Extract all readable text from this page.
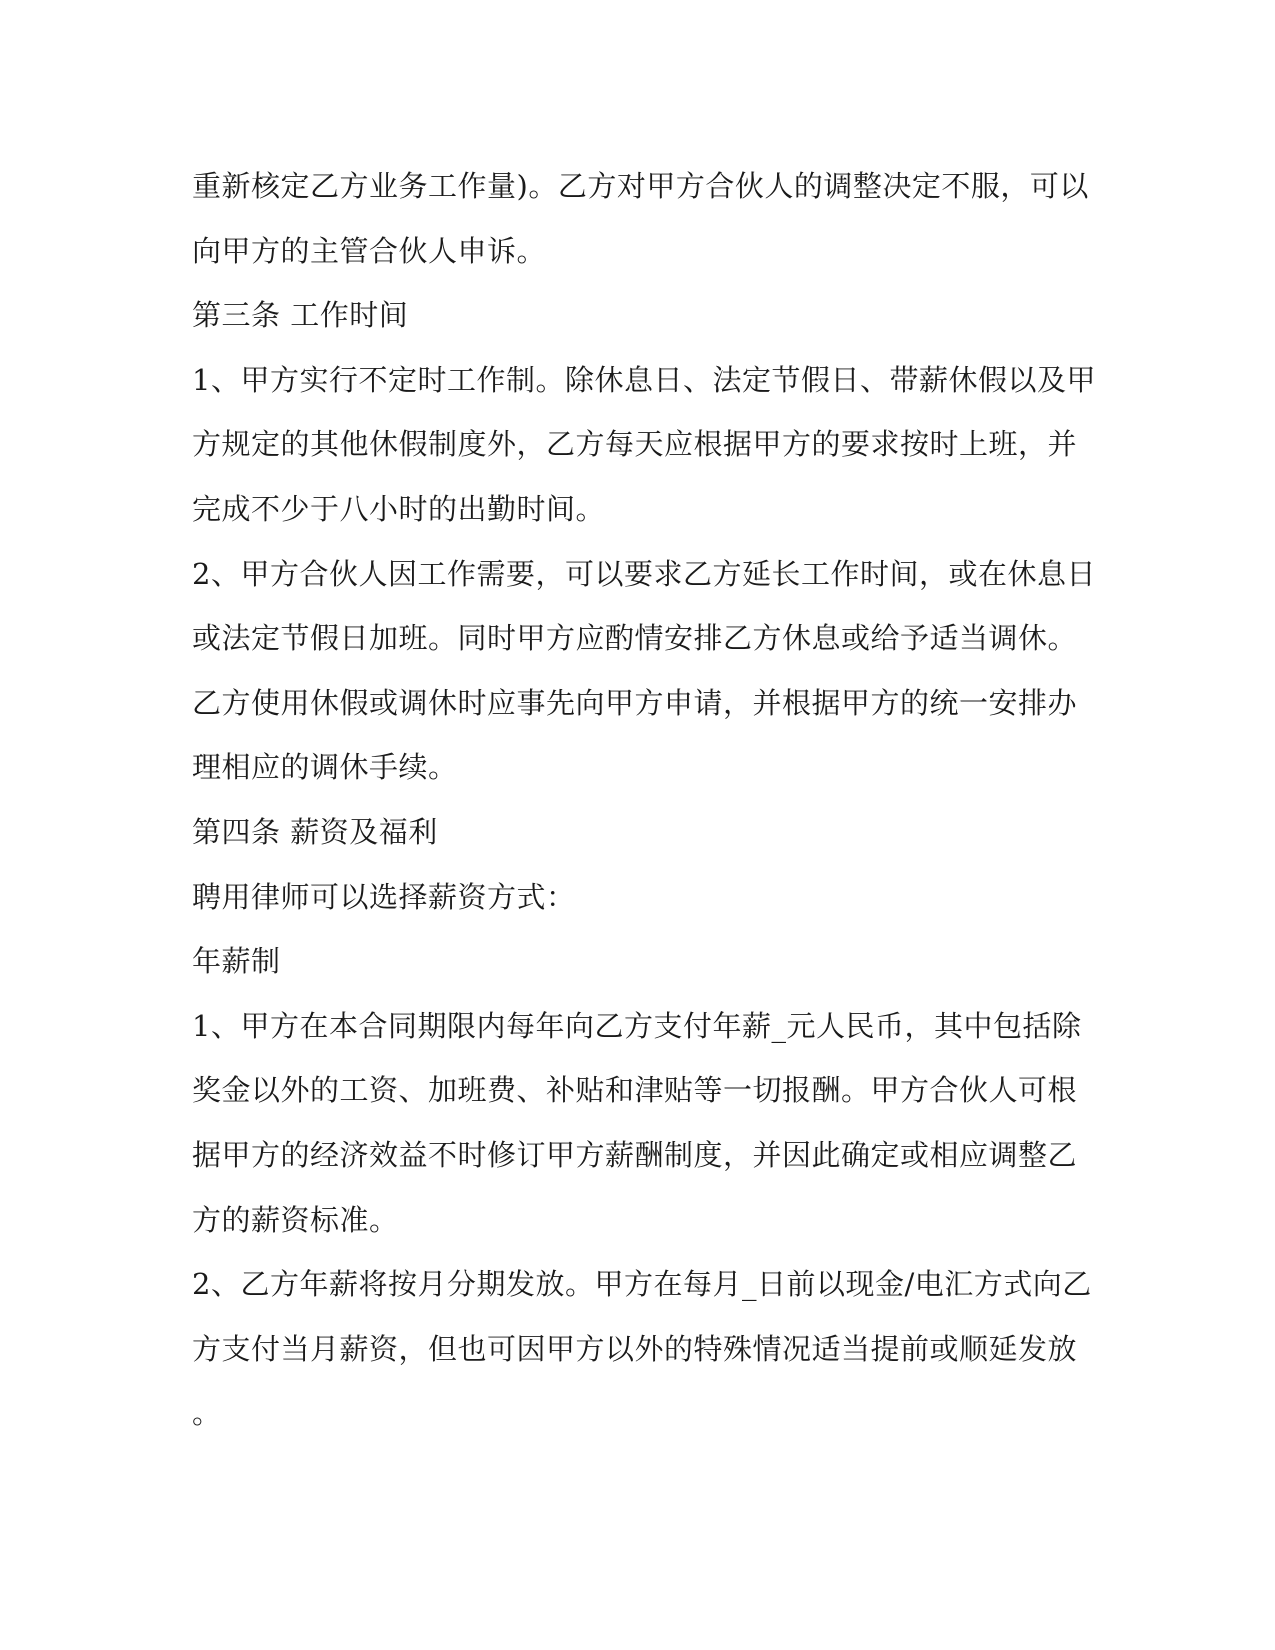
重新核定乙方业务工作量)。乙方对甲方合伙人的调整决定不服，可以
向甲方的主管合伙人申诉。
第三条 工作时间
1、甲方实行不定时工作制。除休息日、法定节假日、带薪休假以及甲
方规定的其他休假制度外，乙方每天应根据甲方的要求按时上班，并
完成不少于八小时的出勤时间。
2、甲方合伙人因工作需要，可以要求乙方延长工作时间，或在休息日
或法定节假日加班。同时甲方应酌情安排乙方休息或给予适当调休。
乙方使用休假或调休时应事先向甲方申请，并根据甲方的统一安排办
理相应的调休手续。
第四条 薪资及福利
聘用律师可以选择薪资方式：
年薪制
1、甲方在本合同期限内每年向乙方支付年薪_元人民币，其中包括除
奖金以外的工资、加班费、补贴和津贴等一切报酬。甲方合伙人可根
据甲方的经济效益不时修订甲方薪酬制度，并因此确定或相应调整乙
方的薪资标准。
2、乙方年薪将按月分期发放。甲方在每月_日前以现金/电汇方式向乙
方支付当月薪资，但也可因甲方以外的特殊情况适当提前或顺延发放
。
